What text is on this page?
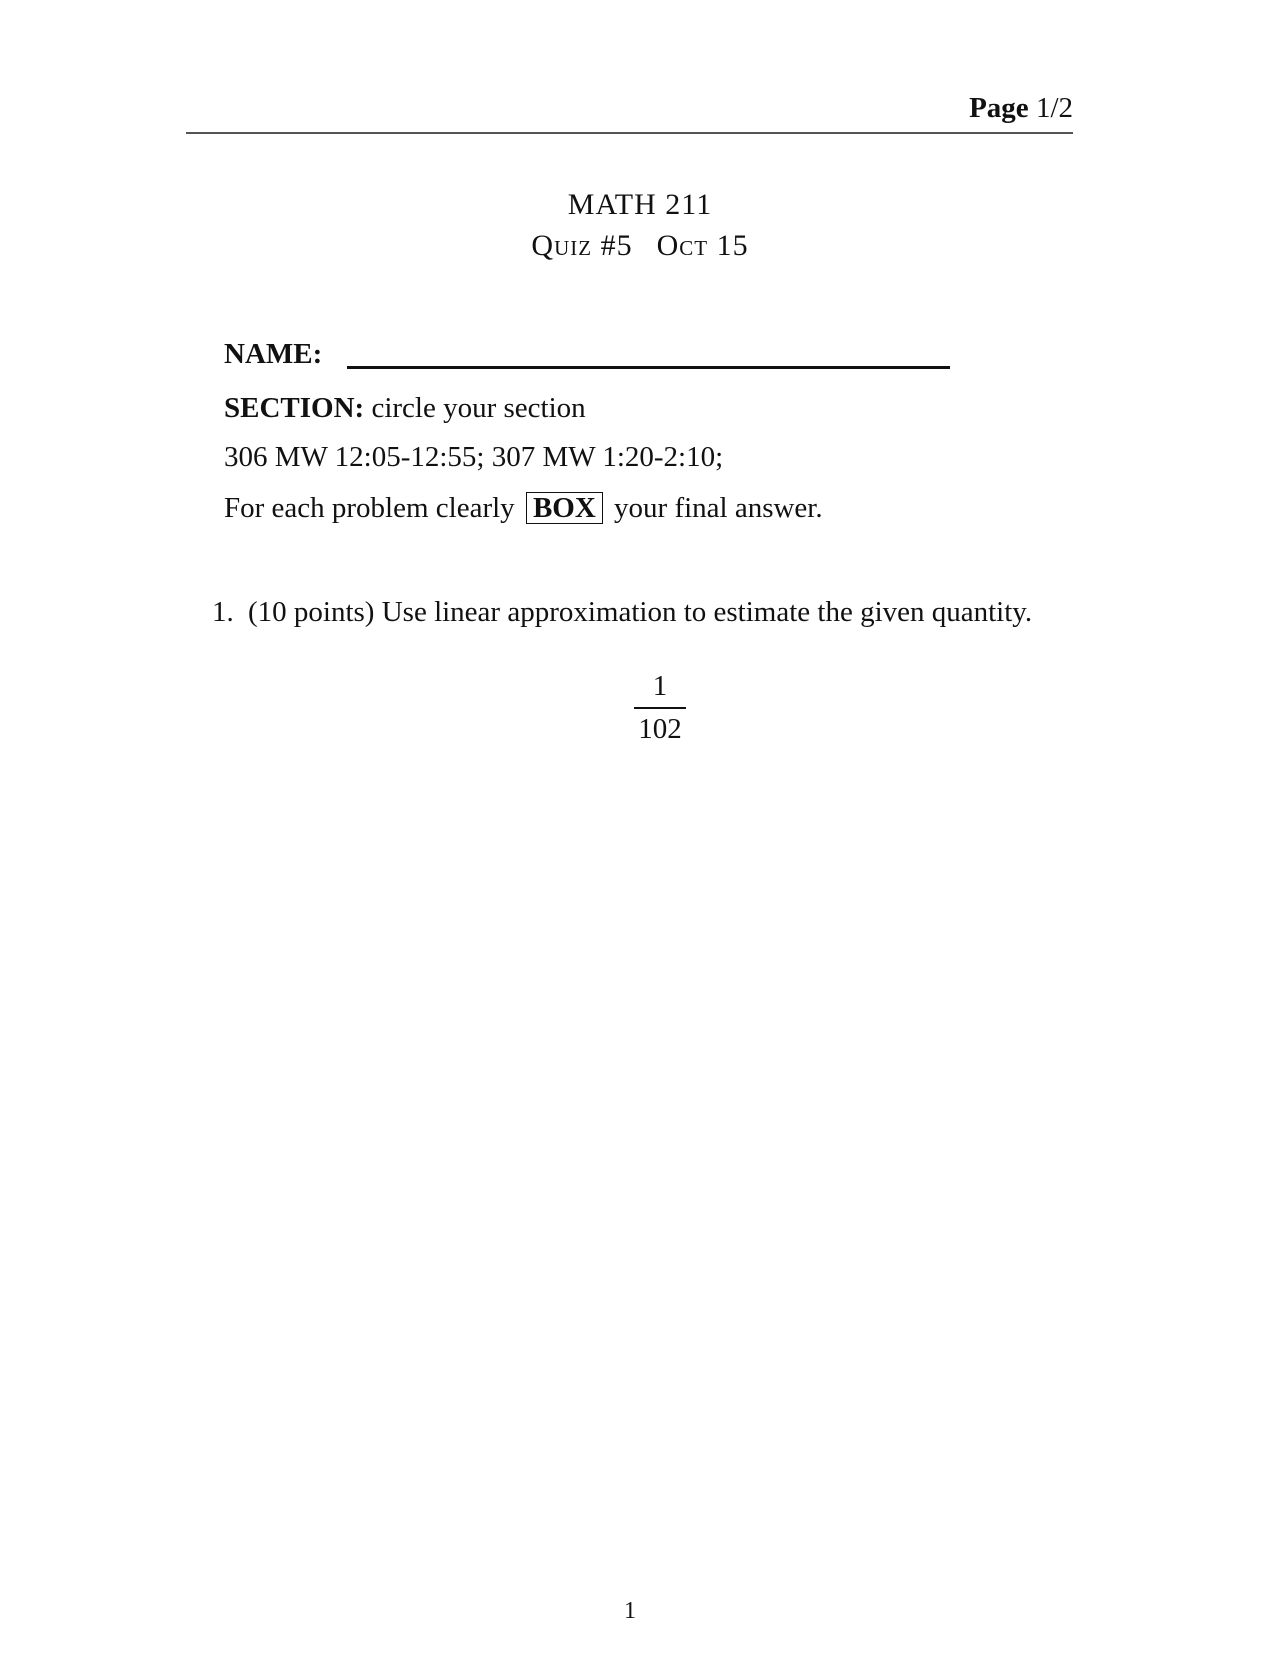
Page 1/2
MATH 211
Quiz #5 Oct 15
NAME:
SECTION: circle your section
306 MW 12:05-12:55; 307 MW 1:20-2:10;
For each problem clearly BOX your final answer.
1. (10 points) Use linear approximation to estimate the given quantity.
$\frac{1}{102}$
1
